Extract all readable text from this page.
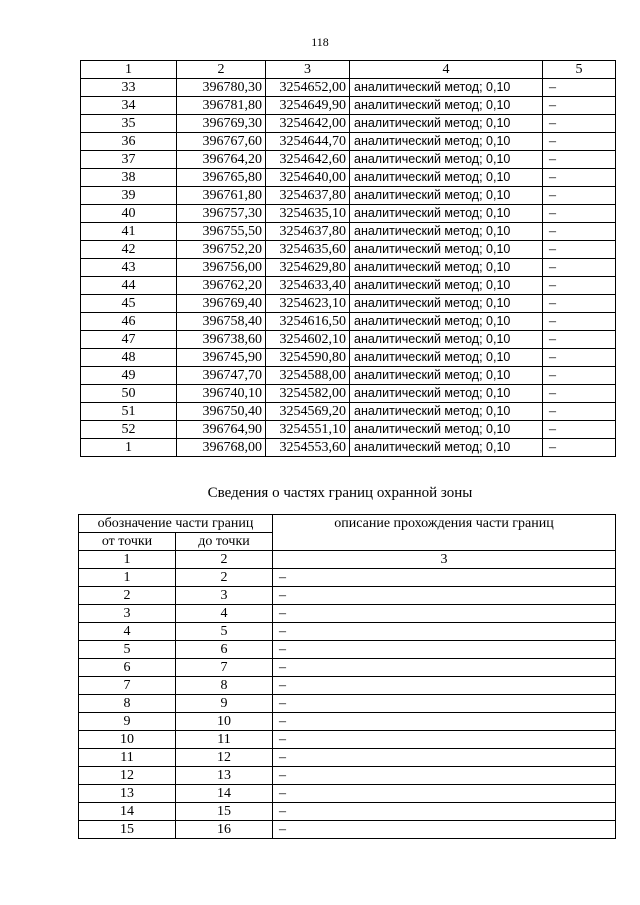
118
1	2	3	4	5
33	396780,30	3254652,00	аналитический метод; 0,10	–
34	396781,80	3254649,90	аналитический метод; 0,10	–
35	396769,30	3254642,00	аналитический метод; 0,10	–
36	396767,60	3254644,70	аналитический метод; 0,10	–
37	396764,20	3254642,60	аналитический метод; 0,10	–
38	396765,80	3254640,00	аналитический метод; 0,10	–
39	396761,80	3254637,80	аналитический метод; 0,10	–
40	396757,30	3254635,10	аналитический метод; 0,10	–
41	396755,50	3254637,80	аналитический метод; 0,10	–
42	396752,20	3254635,60	аналитический метод; 0,10	–
43	396756,00	3254629,80	аналитический метод; 0,10	–
44	396762,20	3254633,40	аналитический метод; 0,10	–
45	396769,40	3254623,10	аналитический метод; 0,10	–
46	396758,40	3254616,50	аналитический метод; 0,10	–
47	396738,60	3254602,10	аналитический метод; 0,10	–
48	396745,90	3254590,80	аналитический метод; 0,10	–
49	396747,70	3254588,00	аналитический метод; 0,10	–
50	396740,10	3254582,00	аналитический метод; 0,10	–
51	396750,40	3254569,20	аналитический метод; 0,10	–
52	396764,90	3254551,10	аналитический метод; 0,10	–
1	396768,00	3254553,60	аналитический метод; 0,10	–
Сведения о частях границ охранной зоны
обозначение части границ		описание прохождения части границ
от точки	до точки	
1	2	3
1	2	–
2	3	–
3	4	–
4	5	–
5	6	–
6	7	–
7	8	–
8	9	–
9	10	–
10	11	–
11	12	–
12	13	–
13	14	–
14	15	–
15	16	–
